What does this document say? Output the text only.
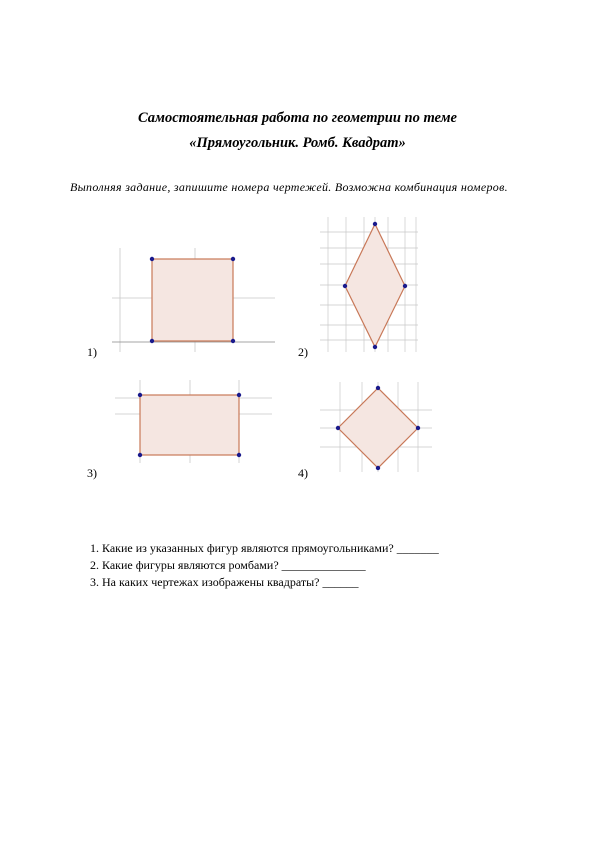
Самостоятельная работа по геометрии по теме
«Прямоугольник. Ромб. Квадрат»
Выполняя задание, запишите номера чертежей. Возможна комбинация номеров.
1)	2)
3)	4)
1. Какие из указанных фигур являются прямоугольниками? _______
2. Какие фигуры являются ромбами? ______________
3. На каких чертежах изображены квадраты? ______
